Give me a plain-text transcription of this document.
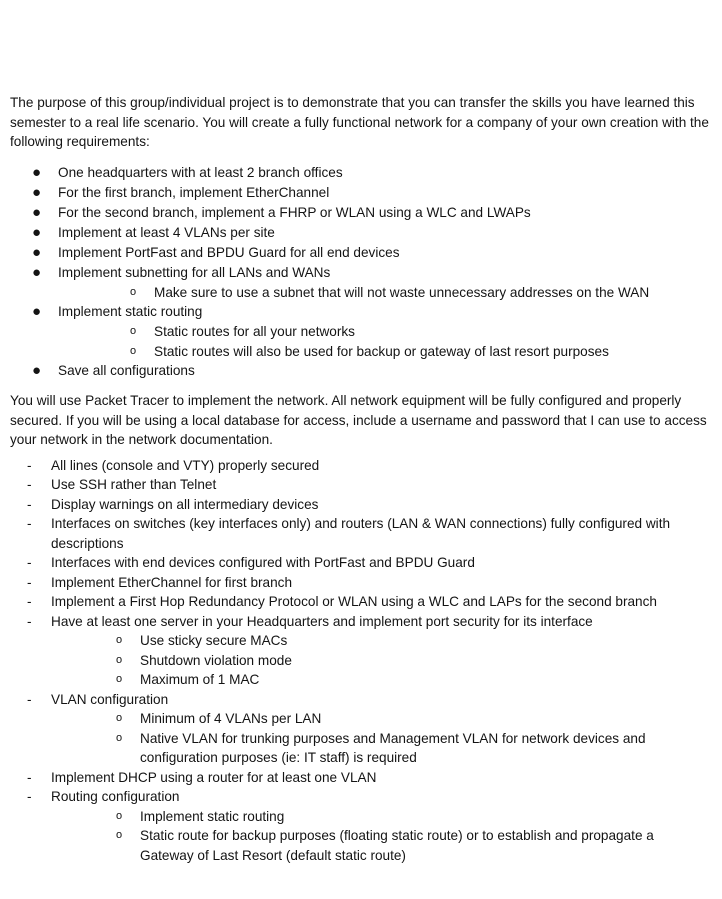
The purpose of this group/individual project is to demonstrate that you can transfer the skills you have learned this semester to a real life scenario. You will create a fully functional network for a company of your own creation with the following requirements:

● One headquarters with at least 2 branch offices
● For the first branch, implement EtherChannel
● For the second branch, implement a FHRP or WLAN using a WLC and LWAPs
● Implement at least 4 VLANs per site
● Implement PortFast and BPDU Guard for all end devices
● Implement subnetting for all LANs and WANs
o Make sure to use a subnet that will not waste unnecessary addresses on the WAN
● Implement static routing
o Static routes for all your networks
o Static routes will also be used for backup or gateway of last resort purposes
● Save all configurations

You will use Packet Tracer to implement the network. All network equipment will be fully configured and properly secured. If you will be using a local database for access, include a username and password that I can use to access your network in the network documentation.

- All lines (console and VTY) properly secured
- Use SSH rather than Telnet
- Display warnings on all intermediary devices
- Interfaces on switches (key interfaces only) and routers (LAN & WAN connections) fully configured with descriptions
- Interfaces with end devices configured with PortFast and BPDU Guard
- Implement EtherChannel for first branch
- Implement a First Hop Redundancy Protocol or WLAN using a WLC and LAPs for the second branch
- Have at least one server in your Headquarters and implement port security for its interface
o Use sticky secure MACs
o Shutdown violation mode
o Maximum of 1 MAC
- VLAN configuration
o Minimum of 4 VLANs per LAN
o Native VLAN for trunking purposes and Management VLAN for network devices and configuration purposes (ie: IT staff) is required
- Implement DHCP using a router for at least one VLAN
- Routing configuration
o Implement static routing
o Static route for backup purposes (floating static route) or to establish and propagate a Gateway of Last Resort (default static route)
